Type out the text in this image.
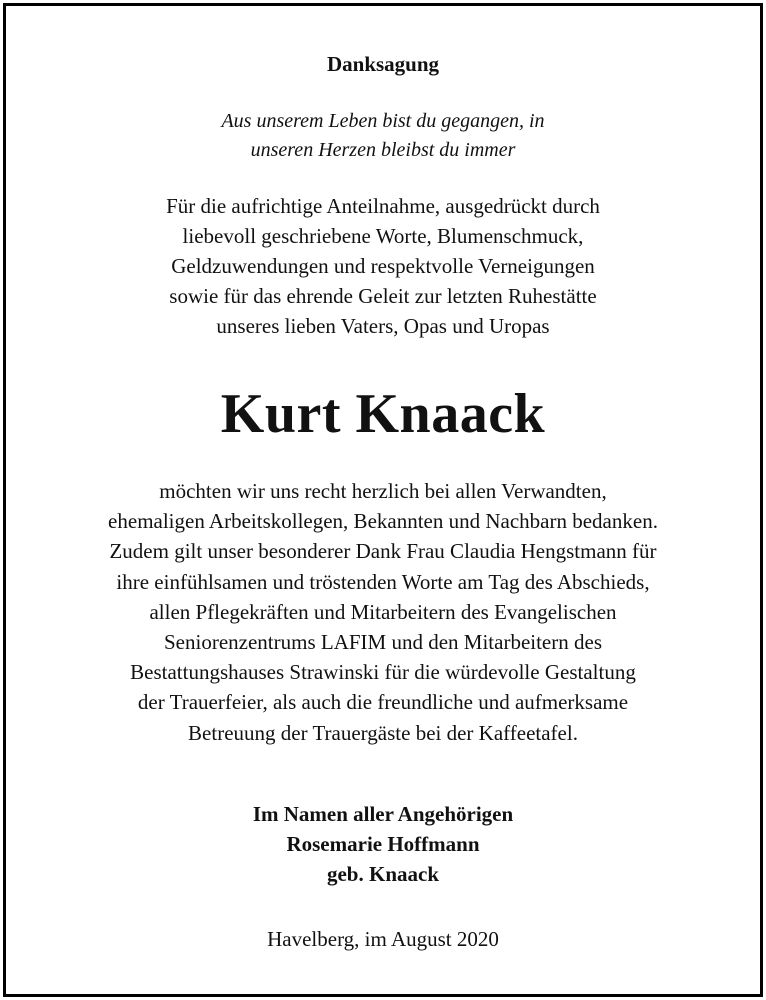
Danksagung
Aus unserem Leben bist du gegangen, in
unseren Herzen bleibst du immer
Für die aufrichtige Anteilnahme, ausgedrückt durch
liebevoll geschriebene Worte, Blumenschmuck,
Geldzuwendungen und respektvolle Verneigungen
sowie für das ehrende Geleit zur letzten Ruhestätte
unseres lieben Vaters, Opas und Uropas
Kurt Knaack
möchten wir uns recht herzlich bei allen Verwandten,
ehemaligen Arbeitskollegen, Bekannten und Nachbarn bedanken.
Zudem gilt unser besonderer Dank Frau Claudia Hengstmann für
ihre einfühlsamen und tröstenden Worte am Tag des Abschieds,
allen Pflegekräften und Mitarbeitern des Evangelischen
Seniorenzentrums LAFIM und den Mitarbeitern des
Bestattungshauses Strawinski für die würdevolle Gestaltung
der Trauerfeier, als auch die freundliche und aufmerksame
Betreuung der Trauergäste bei der Kaffeetafel.
Im Namen aller Angehörigen
Rosemarie Hoffmann
geb. Knaack
Havelberg, im August 2020
